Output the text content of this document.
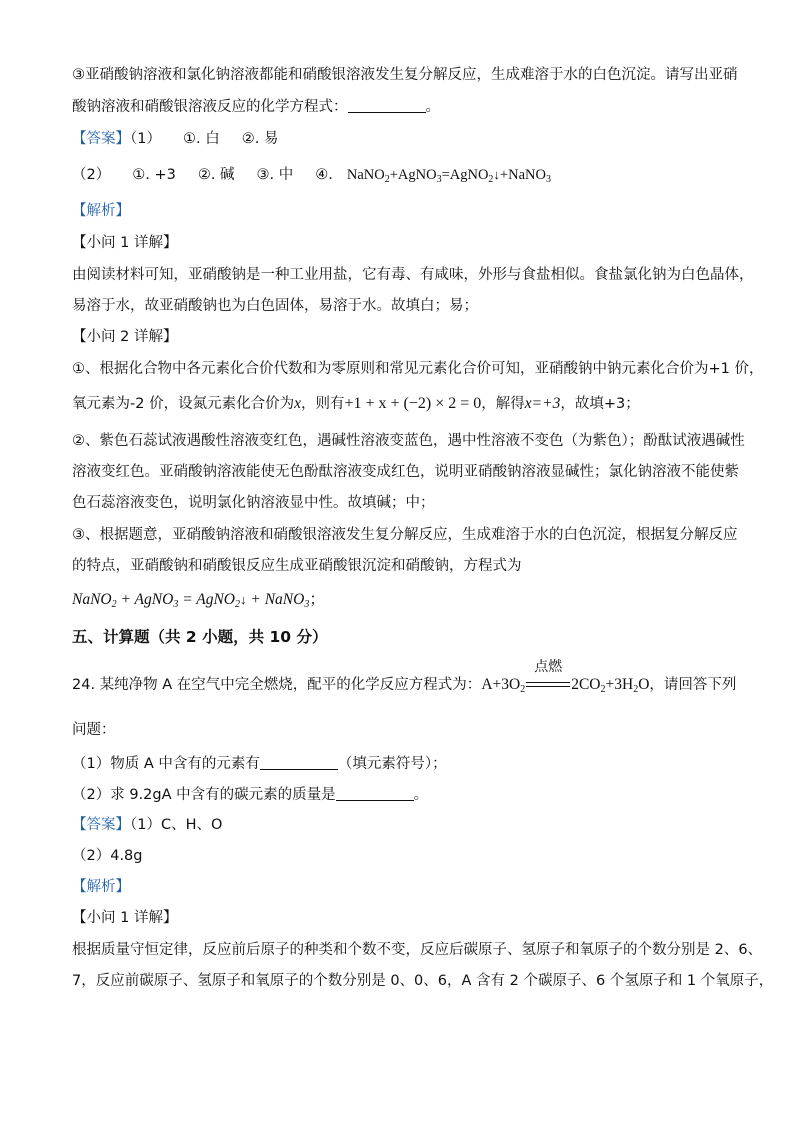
③亚硝酸钠溶液和氯化钠溶液都能和硝酸银溶液发生复分解反应，生成难溶于水的白色沉淀。请写出亚硝
酸钠溶液和硝酸银溶液反应的化学方程式：	。
【答案】（1） ①. 白 ②. 易
（2） ①. +3 ②. 碱 ③. 中 ④. NaNO$_2$+AgNO$_3$=AgNO$_2$↓+NaNO$_3$
【解析】
【小问 1 详解】
由阅读材料可知，亚硝酸钠是一种工业用盐，它有毒、有咸味，外形与食盐相似。食盐氯化钠为白色晶体，
易溶于水，故亚硝酸钠也为白色固体，易溶于水。故填白；易；
【小问 2 详解】
①、根据化合物中各元素化合价代数和为零原则和常见元素化合价可知，亚硝酸钠中钠元素化合价为+1 价，
氧元素为-2 价，设氮元素化合价为x，则有+1 + x + (−2) × 2 = 0，解得x=+3，故填+3；
②、紫色石蕊试液遇酸性溶液变红色，遇碱性溶液变蓝色，遇中性溶液不变色（为紫色）；酚酞试液遇碱性
溶液变红色。亚硝酸钠溶液能使无色酚酞溶液变成红色，说明亚硝酸钠溶液显碱性；氯化钠溶液不能使紫
色石蕊溶液变色，说明氯化钠溶液显中性。故填碱；中；
③、根据题意，亚硝酸钠溶液和硝酸银溶液发生复分解反应，生成难溶于水的白色沉淀，根据复分解反应
的特点，亚硝酸钠和硝酸银反应生成亚硝酸银沉淀和硝酸钠，方程式为
NaNO$_2$ + AgNO$_3$ = AgNO$_2$↓ + NaNO$_3$；
五、计算题（共 2 小题，共 10 分）
24. 某纯净物 A 在空气中完全燃烧，配平的化学反应方程式为：$A+3O_2$
点燃
$2CO_2+3H_2O$，请回答下列
问题：
（1）物质 A 中含有的元素有	（填元素符号）；
（2）求 9.2gA 中含有的碳元素的质量是	。
【答案】（1）C、H、O
（2）4.8g
【解析】
【小问 1 详解】
根据质量守恒定律，反应前后原子的种类和个数不变，反应后碳原子、氢原子和氧原子的个数分别是 2、6、
7，反应前碳原子、氢原子和氧原子的个数分别是 0、0、6，A 含有 2 个碳原子、6 个氢原子和 1 个氧原子，
